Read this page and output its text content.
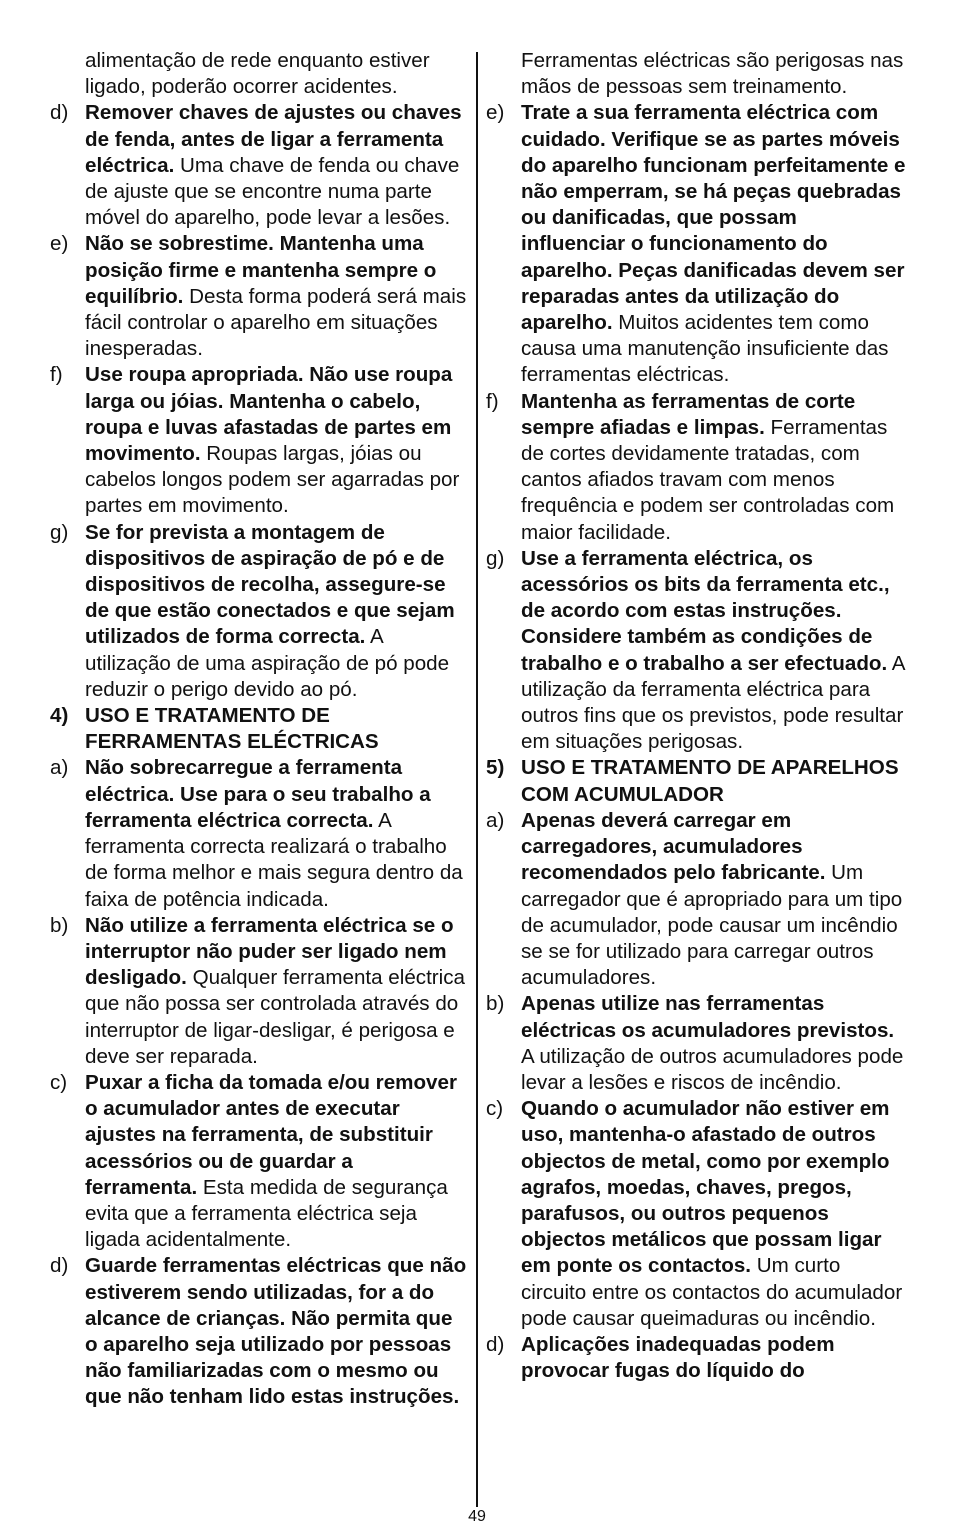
alimentação de rede enquanto estiver ligado, poderão ocorrer acidentes.
d) Remover chaves de ajustes ou chaves de fenda, antes de ligar a ferramenta eléctrica. Uma chave de fenda ou chave de ajuste que se encontre numa parte móvel do aparelho, pode levar a lesões.
e) Não se sobrestime. Mantenha uma posição firme e mantenha sempre o equilíbrio. Desta forma poderá será mais fácil controlar o aparelho em situações inesperadas.
f) Use roupa apropriada. Não use roupa larga ou jóias. Mantenha o cabelo, roupa e luvas afastadas de partes em movimento. Roupas largas, jóias ou cabelos longos podem ser agarradas por partes em movimento.
g) Se for prevista a montagem de dispositivos de aspiração de pó e de dispositivos de recolha, assegure-se de que estão conectados e que sejam utilizados de forma correcta. A utilização de uma aspiração de pó pode reduzir o perigo devido ao pó.
4) USO E TRATAMENTO DE FERRAMENTAS ELÉCTRICAS
a) Não sobrecarregue a ferramenta eléctrica. Use para o seu trabalho a ferramenta eléctrica correcta. A ferramenta correcta realizará o trabalho de forma melhor e mais segura dentro da faixa de potência indicada.
b) Não utilize a ferramenta eléctrica se o interruptor não puder ser ligado nem desligado. Qualquer ferramenta eléctrica que não possa ser controlada através do interruptor de ligar-desligar, é perigosa e deve ser reparada.
c) Puxar a ficha da tomada e/ou remover o acumulador antes de executar ajustes na ferramenta, de substituir acessórios ou de guardar a ferramenta. Esta medida de segurança evita que a ferramenta eléctrica seja ligada acidentalmente.
d) Guarde ferramentas eléctricas que não estiverem sendo utilizadas, for a do alcance de crianças. Não permita que o aparelho seja utilizado por pessoas não familiarizadas com o mesmo ou que não tenham lido estas instruções.
Ferramentas eléctricas são perigosas nas mãos de pessoas sem treinamento.
e) Trate a sua ferramenta eléctrica com cuidado. Verifique se as partes móveis do aparelho funcionam perfeitamente e não emperram, se há peças quebradas ou danificadas, que possam influenciar o funcionamento do aparelho. Peças danificadas devem ser reparadas antes da utilização do aparelho. Muitos acidentes tem como causa uma manutenção insuficiente das ferramentas eléctricas.
f) Mantenha as ferramentas de corte sempre afiadas e limpas. Ferramentas de cortes devidamente tratadas, com cantos afiados travam com menos frequência e podem ser controladas com maior facilidade.
g) Use a ferramenta eléctrica, os acessórios os bits da ferramenta etc., de acordo com estas instruções. Considere também as condições de trabalho e o trabalho a ser efectuado. A utilização da ferramenta eléctrica para outros fins que os previstos, pode resultar em situações perigosas.
5) USO E TRATAMENTO DE APARELHOS COM ACUMULADOR
a) Apenas deverá carregar em carregadores, acumuladores recomendados pelo fabricante. Um carregador que é apropriado para um tipo de acumulador, pode causar um incêndio se se for utilizado para carregar outros acumuladores.
b) Apenas utilize nas ferramentas eléctricas os acumuladores previstos. A utilização de outros acumuladores pode levar a lesões e riscos de incêndio.
c) Quando o acumulador não estiver em uso, mantenha-o afastado de outros objectos de metal, como por exemplo agrafos, moedas, chaves, pregos, parafusos, ou outros pequenos objectos metálicos que possam ligar em ponte os contactos. Um curto circuito entre os contactos do acumulador pode causar queimaduras ou incêndio.
d) Aplicações inadequadas podem provocar fugas do líquido do
49
